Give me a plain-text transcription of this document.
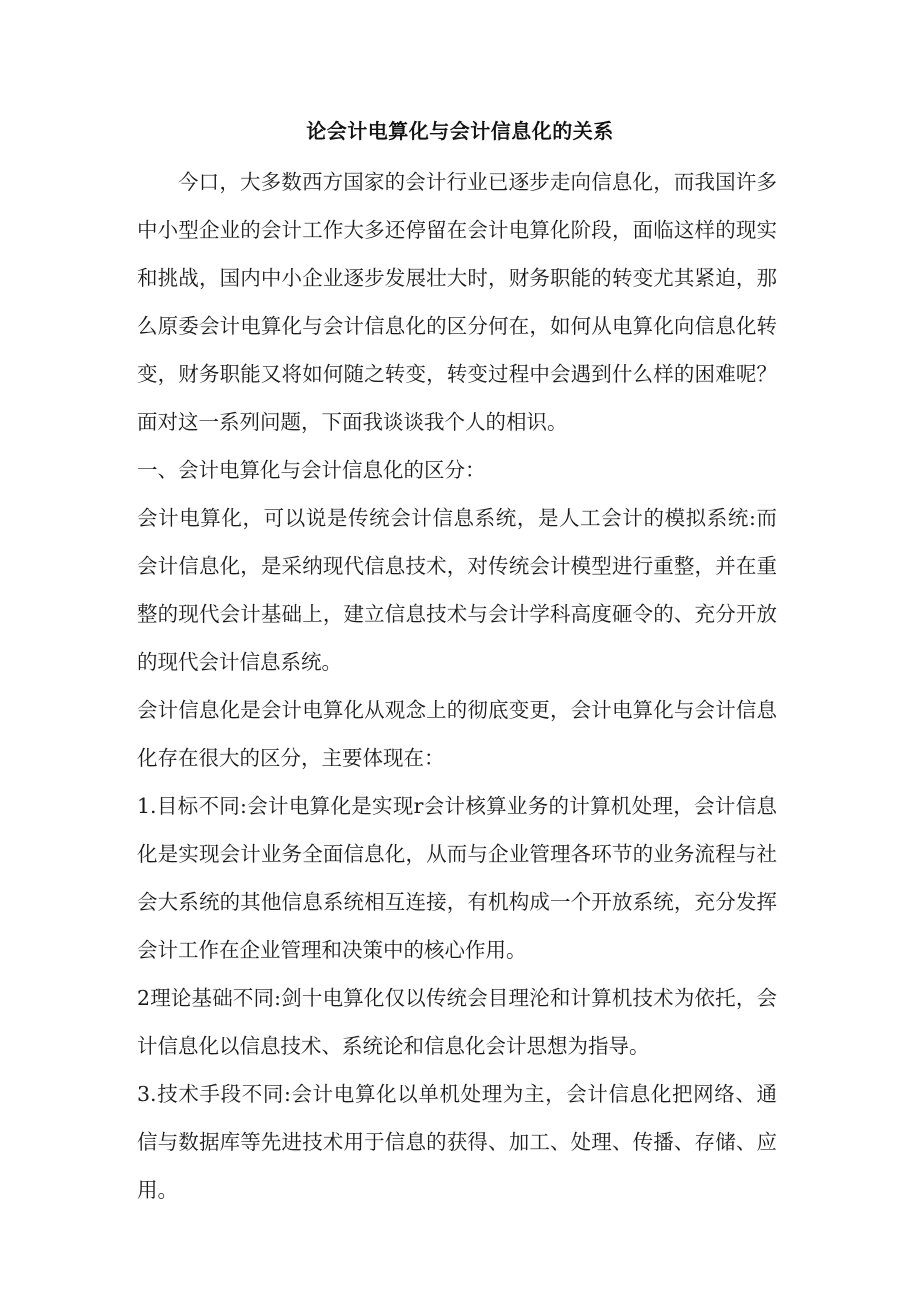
论会计电算化与会计信息化的关系

今口，大多数西方国家的会计行业已逐步走向信息化，而我国许多中小型企业的会计工作大多还停留在会计电算化阶段，面临这样的现实和挑战，国内中小企业逐步发展壮大时，财务职能的转变尤其紧迫，那么原委会计电算化与会计信息化的区分何在，如何从电算化向信息化转变，财务职能又将如何随之转变，转变过程中会遇到什么样的困难呢？面对这一系列问题，下面我谈谈我个人的相识。

一、会计电算化与会计信息化的区分：

会计电算化，可以说是传统会计信息系统，是人工会计的模拟系统:而会计信息化，是采纳现代信息技术，对传统会计模型进行重整，并在重整的现代会计基础上，建立信息技术与会计学科高度砸令的、充分开放的现代会计信息系统。

会计信息化是会计电算化从观念上的彻底变更，会计电算化与会计信息化存在很大的区分，主要体现在：

1.目标不同:会计电算化是实现r会计核算业务的计算机处理，会计信息化是实现会计业务全面信息化，从而与企业管理各环节的业务流程与社会大系统的其他信息系统相互连接，有机构成一个开放系统，充分发挥会计工作在企业管理和决策中的核心作用。

2理论基础不同:剑十电算化仅以传统会目理沦和计算机技术为依托，会计信息化以信息技术、系统论和信息化会计思想为指导。

3.技术手段不同:会计电算化以单机处理为主，会计信息化把网络、通信与数据库等先进技术用于信息的获得、加工、处理、传播、存储、应用。
